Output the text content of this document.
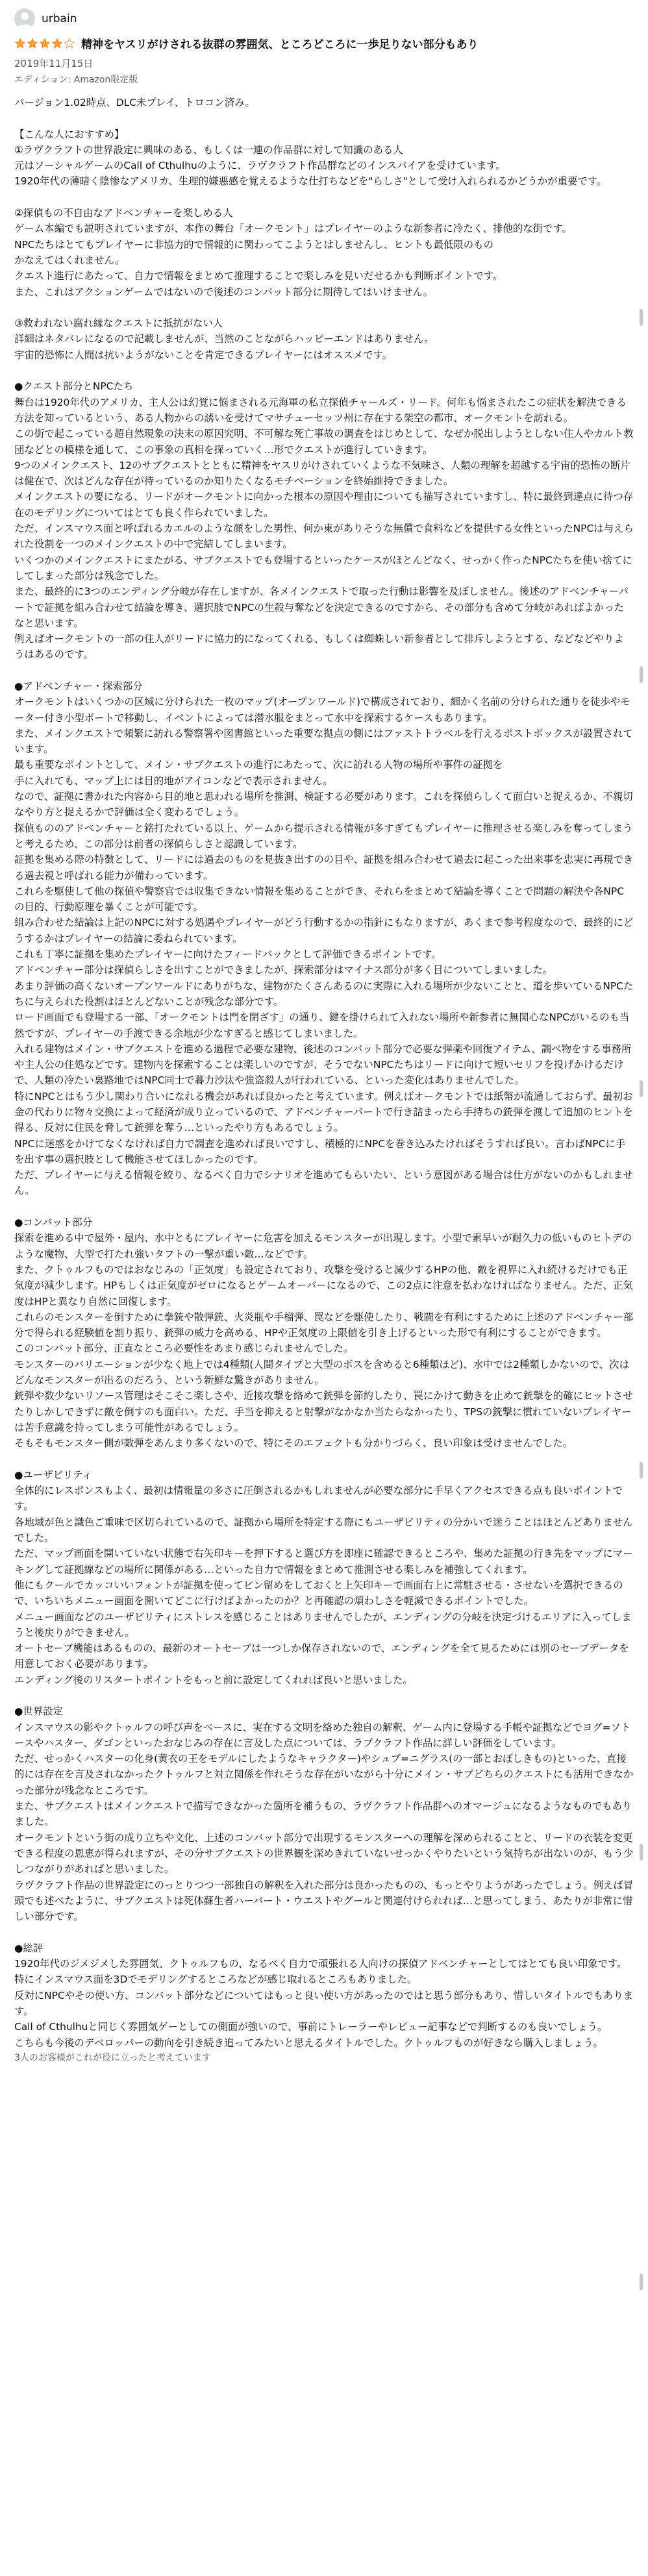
urbain
精神をヤスリがけされる抜群の雰囲気、ところどころに一歩足りない部分もあり
2019年11月15日
エディション: Amazon限定版
バージョン1.02時点、DLC未プレイ、トロコン済み。

【こんな人におすすめ】
①ラヴクラフトの世界設定に興味のある、もしくは一連の作品群に対して知識のある人
元はソーシャルゲームのCall of Cthulhuのように、ラヴクラフト作品群などのインスパイアを受けています。
1920年代の薄暗く陰惨なアメリカ、生理的嫌悪感を覚えるような仕打ちなどを"らしさ"として受け入れられるかどうかが重要です。

②探偵もの不自由なアドベンチャーを楽しめる人
ゲーム本編でも説明されていますが、本作の舞台「オークモント」はプレイヤーのような新参者に冷たく、排他的な街です。
NPCたちはとてもプレイヤーに非協力的で情報的に関わってこようとはしませんし、ヒントも最低限のもの
かなえてはくれません。
クエスト進行にあたって、自力で情報をまとめて推理することで楽しみを見いだせるかも判断ポイントです。
また、これはアクションゲームではないので後述のコンバット部分に期待してはいけません。

③救われない腐れ縁なクエストに抵抗がない人
詳細はネタバレになるので記載しませんが、当然のことながらハッピーエンドはありません。
宇宙的恐怖に人間は抗いようがないことを肯定できるプレイヤーにはオススメです。

●クエスト部分とNPCたち
舞台は1920年代のアメリカ、主人公は幻覚に悩まされる元海軍の私立探偵チャールズ・リード。何年も悩まされたこの症状を解決できる方法を知っているという、ある人物からの誘いを受けてマサチューセッツ州に存在する架空の都市、オークモントを訪れる。
この街で起こっている超自然現象の決末の原因究明、不可解な死亡事故の調査をはじめとして、なぜか脱出しようとしない住人やカルト教団などとの模様を通して、この事象の真相を探っていく…形でクエストが進行していきます。
9つのメインクエスト、12のサブクエストとともに精神をヤスリがけされていくような不気味さ、人類の理解を超越する宇宙的恐怖の断片は健在で、次はどんな存在が待っているのか知りたくなるモチベーションを終始維持できました。
メインクエストの要になる、リードがオークモントに向かった根本の原因や理由についても描写されていますし、特に最終到達点に待つ存在のモデリングについてはとても良く作られていました。
ただ、インスマウス面と呼ばれるカエルのような顔をした男性、何か東がありそうな無償で食料などを提供する女性といったNPCは与えられた役割を一つのメインクエストの中で完結してしまいます。
いくつかのメインクエストにまたがる、サブクエストでも登場するといったケースがほとんどなく、せっかく作ったNPCたちを使い捨てにしてしまった部分は残念でした。
また、最終的に3つのエンディング分岐が存在しますが、各メインクエストで取った行動は影響を及ぼしません。後述のアドベンチャーパートで証拠を組み合わせて結論を導き、選択肢でNPCの生殺与奪などを決定できるのですから、その部分も含めて分岐があればよかったなと思います。
例えばオークモントの一部の住人がリードに協力的になってくれる、もしくは蜘蛛しい新参者として排斥しようとする、などなどやりようはあるのです。

●アドベンチャー・探索部分
オークモントはいくつかの区域に分けられた一枚のマップ(オープンワールド)で構成されており、細かく名前の分けられた通りを徒歩やモーター付き小型ボートで移動し、イベントによっては潜水服をまとって水中を探索するケースもあります。
また、メインクエストで頻繁に訪れる警察署や図書館といった重要な拠点の側にはファストトラベルを行えるポストボックスが設置されています。
最も重要なポイントとして、メイン・サブクエストの進行にあたって、次に訪れる人物の場所や事件の証拠を
手に入れても、マップ上には目的地がアイコンなどで表示されません。
なので、証拠に書かれた内容から目的地と思われる場所を推測、検証する必要があります。これを探偵らしくて面白いと捉えるか、不親切なやり方と捉えるかで評価は全く変わるでしょう。
探偵もののアドベンチャーと銘打たれている以上、ゲームから提示される情報が多すぎてもプレイヤーに推理させる楽しみを奪ってしまうと考えるため、この部分は前者の探偵らしさと認識しています。
証拠を集める際の特徴として、リードには過去のものを見抜き出すのの目や、証拠を組み合わせて過去に起こった出来事を忠実に再現できる過去視と呼ばれる能力が備わっています。
これらを駆使して他の探偵や警察官では収集できない情報を集めることができ、それらをまとめて結論を導くことで問題の解決や各NPCの目的、行動原理を暴くことが可能です。
組み合わせた結論は上記のNPCに対する処遇やプレイヤーがどう行動するかの指針にもなりますが、あくまで参考程度なので、最終的にどうするかはプレイヤーの結論に委ねられています。
これも丁寧に証拠を集めたプレイヤーに向けたフィードバックとして評価できるポイントです。
アドベンチャー部分は探偵らしさを出すことができましたが、探索部分はマイナス部分が多く目についてしまいました。
あまり評価の高くないオープンワールドにありがちな、建物がたくさんあるのに実際に入れる場所が少ないことと、道を歩いているNPCたちに与えられた役割はほとんどないことが残念な部分です。
ロード画面でも登場する一部、「オークモントは門を閉ざす」の通り、鍵を掛けられて入れない場所や新参者に無関心なNPCがいるのも当然ですが、プレイヤーの手渡できる余地が少なすぎると感じてしまいました。
入れる建物はメイン・サブクエストを進める過程で必要な建物、後述のコンバット部分で必要な弾薬や回復アイテム、調べ物をする事務所や主人公の住処などです。建物内を探索することは楽しいのですが、そうでないNPCたちはリードに向けて短いセリフを投げかけるだけで、人類の冷たい裏路地ではNPC同士で暮力沙汰や強盗殺人が行われている、といった変化はありませんでした。
特にNPCとはもう少し関わり合いになれる機会があれば良かったと考えています。例えばオークモントでは紙幣が流通しておらず、最初お金の代わりに物々交換によって経済が成り立っているので、アドベンチャーパートで行き詰まったら手持ちの銃弾を渡して追加のヒントを得る、反対に住民を脅して銃弾を奪う…といったやり方もあるでしょう。
NPCに迷惑をかけてなくなければ自力で調査を進めれば良いですし、積極的にNPCを巻き込みたければそうすれば良い。言わばNPCに手を出す事の選択肢として機能させてほしかったのです。
ただ、プレイヤーに与える情報を絞り、なるべく自力でシナリオを進めてもらいたい、という意図がある場合は仕方がないのかもしれません。

●コンバット部分
探索を進める中で屋外・屋内、水中ともにプレイヤーに危害を加えるモンスターが出現します。小型で素早いが耐久力の低いものヒトデのような魔物、大型で打たれ強いタフトの一撃が重い敵…などです。
また、クトゥルフものではおなじみの「正気度」も設定されており、攻撃を受けると減少するHPの他、敵を視界に入れ続けるだけでも正気度が減少します。HPもしくは正気度がゼロになるとゲームオーバーになるので、この2点に注意を払わなければなりません。ただ、正気度はHPと異なり自然に回復します。
これらのモンスターを倒すために拳銃や散弾銃、火炎瓶や手榴弾、罠などを駆使したり、戦闘を有利にするために上述のアドベンチャー部分で得られる経験値を割り振り、銃弾の威力を高める、HPや正気度の上限値を引き上げるといった形で有利にすることができます。
このコンバット部分、正直なところ必要性をあまり感じられませんでした。
モンスターのバリエーションが少なく地上では4種類(人間タイプと大型のボスを含めると6種類ほど)、水中では2種類しかないので、次はどんなモンスターが出るのだろう、という新鮮な驚きがありません。
銃弾や数少ないリソース管理はそこそこ楽しさや、近接攻撃を絡めて銃弾を節約したり、罠にかけて動きを止めて銃撃を的確にヒットさせたりしかしできずに敵を倒すのも面白い。ただ、手当を抑えると射撃がなかなか当たらなかったり、TPSの銃撃に慣れていないプレイヤーは苦手意識を持ってしまう可能性があるでしょう。
そもそもモンスター側が敵弾をあんまり多くないので、特にそのエフェクトも分かりづらく、良い印象は受けませんでした。

●ユーザビリティ
全体的にレスポンスもよく、最初は情報量の多さに圧倒されるかもしれませんが必要な部分に手早くアクセスできる点も良いポイントです。
各地域が色と識色ご重味で区切られているので、証拠から場所を特定する際にもユーザビリティの分かいで迷うことはほとんどありませんでした。
ただ、マップ画面を開いていない状態で右矢印キーを押下すると選び方を即座に確認できるところや、集めた証拠の行き先をマップにマーキングして証拠線などの場所に関係がある…といった自力で情報をまとめて推測させる楽しみを補強してくれます。
他にもクールでカッコいいフォントが証拠を使ってピン留めをしておくと上矢印キーで画面右上に常駐させる・させないを選択できるので、いちいちメニュー画面を開いてどこに行けばよかったのか？と再確認の煩わしさを軽減できるポイントでした。
メニュー画面などのユーザビリティにストレスを感じることはありませんでしたが、エンディングの分岐を決定づけるエリアに入ってしまうと後戻りができません。
オートセーブ機能はあるものの、最新のオートセーブは一つしか保存されないので、エンディングを全て見るためには別のセーブデータを用意しておく必要があります。
エンディング後のリスタートポイントをもっと前に設定してくれれば良いと思いました。

●世界設定
インスマウスの影やクトゥルフの呼び声をベースに、実在する文明を絡めた独自の解釈、ゲーム内に登場する手帳や証拠などでヨグ=ソトースやハスター、ダゴンといったおなじみの存在に言及した点については、ラブクラフト作品に詳しい評価をしています。
ただ、せっかくハスターの化身(黄衣の王をモデルにしたようなキャラクター)やシュブ=ニグラス(の一部とおぼしきもの)といった、直接的には存在を言及されなかったクトゥルフと対立関係を作れそうな存在がいながら十分にメイン・サブどちらのクエストにも活用できなかった部分が残念なところです。
また、サブクエストはメインクエストで描写できなかった箇所を補うもの、ラヴクラフト作品群へのオマージュになるようなものでもありました。
オークモントという街の成り立ちや文化、上述のコンバット部分で出現するモンスターへの理解を深められることと、リードの衣装を変更できる程度の恩恵が得られますが、その分サブクエストの世界観を深めきれていないせっかくやりたいという気持ちが出ないのが、もう少しつながりがあればと思いました。
ラヴクラフト作品の世界設定にのっとりつつ一部独自の解釈を入れた部分は良かったものの、もっとやりようがあったでしょう。例えば冒頭でも述べたように、サブクエストは死体蘇生者ハーバート・ウエストやグールと関連付けられれば…と思ってしまう、あたりが非常に惜しい部分です。

●総評
1920年代のジメジメした雰囲気、クトゥルフもの、なるべく自力で頑張れる人向けの探偵アドベンチャーとしてはとても良い印象です。特にインスマウス面を3Dでモデリングするところなどが感じ取れるところもありました。
反対にNPCやその使い方、コンバット部分などについてはもっと良い使い方があったのではと思う部分もあり、惜しいタイトルでもあります。
Call of Cthulhuと同じく雰囲気ゲーとしての側面が強いので、事前にトレーラーやレビュー記事などで判断するのも良いでしょう。
こちらも今後のデベロッパーの動向を引き続き追ってみたいと思えるタイトルでした。クトゥルフものが好きなら購入しましょう。
3人のお客様がこれが役に立ったと考えています
